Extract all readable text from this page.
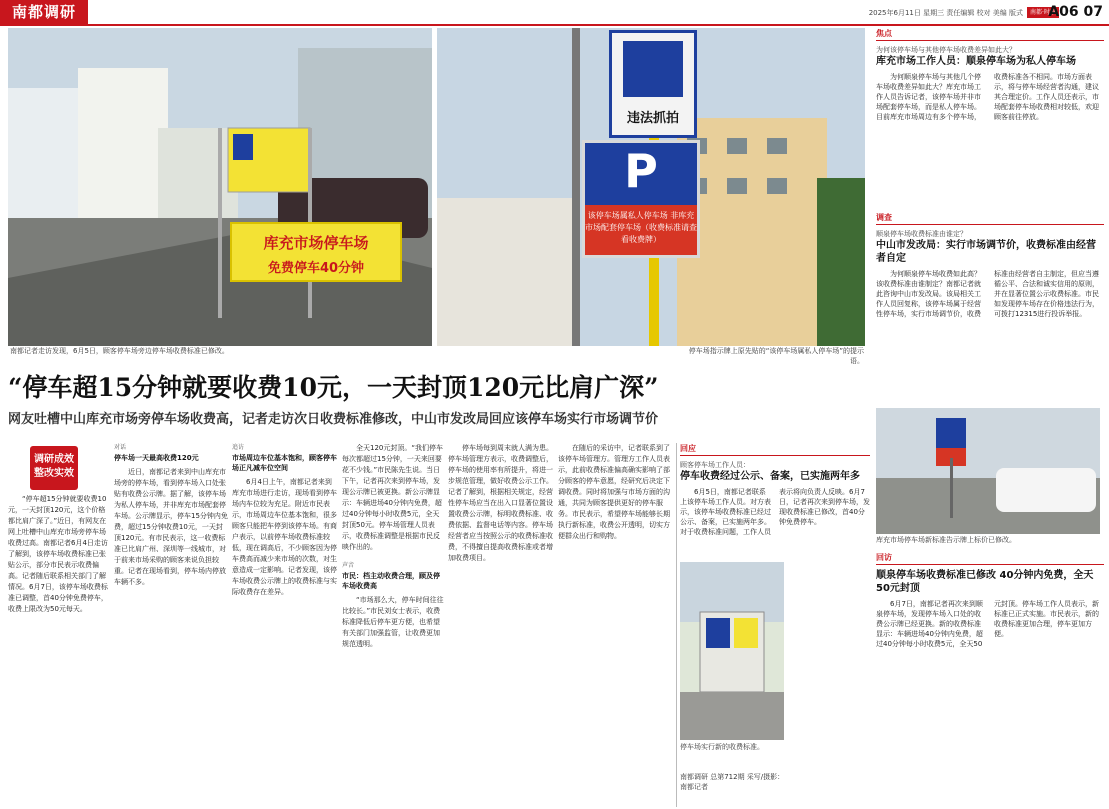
南都调研	2025年6月11日 星期三 责任编辑 校对 美编 版式	南都·时事
A06 07
库充市场停车场
免费停车40分钟
违法抓拍
P
该停车场属私人停车场 非库充市场配套停车场（收费标准请查看收费牌）
南都记者走访发现，6月5日，顾客停车场旁边停车场收费标准已修改。	停车场指示牌上原先贴的“该停车场属私人停车场”的提示语。
“停车超15分钟就要收费10元，一天封顶120元比肩广深”
网友吐槽中山库充市场旁停车场收费高，记者走访次日收费标准修改，中山市发改局回应该停车场实行市场调节价
调研成效 整改实效

“停车超15分钟就要收费10元，一天封顶120元，这个价格都比肩广深了。”近日，有网友在网上吐槽中山库充市场旁停车场收费过高。南都记者6月4日走访了解到，该停车场收费标准已张贴公示，部分市民表示收费偏高。记者随后联系相关部门了解情况。6月7日，该停车场收费标准已调整，首40分钟免费停车，收费上限改为50元每天。

对话
停车场一天最高收费120元

近日，南都记者来到中山库充市场旁的停车场，看到停车场入口处张贴有收费公示牌。据了解，该停车场为私人停车场，并非库充市场配套停车场。公示牌显示，停车15分钟内免费，超过15分钟收费10元，一天封顶120元。有市民表示，这一收费标准已比肩广州、深圳等一线城市，对于前来市场采购的顾客来说负担较重。记者在现场看到，停车场内停放车辆不多。

追访
市场周边车位基本饱和，顾客停车场正凡减车位空间

6月4日上午，南都记者来到库充市场进行走访，现场看到停车场内车位较为充足。附近市民表示，市场周边车位基本饱和，很多顾客只能把车停到该停车场。有商户表示，以前停车场收费标准较低，现在调高后，不少顾客因为停车费高而减少来市场的次数，对生意造成一定影响。记者发现，该停车场收费公示牌上的收费标准与实际收费存在差异。

全天120元封顶。“我们停车每次都超过15分钟，一天来回要花不少钱。”市民陈先生说。当日下午，记者再次来到停车场，发现公示牌已被更换。新公示牌显示：车辆进场40分钟内免费，超过40分钟每小时收费5元，全天封顶50元。停车场管理人员表示，收费标准调整是根据市民反映作出的。

声音
市民：档主动收费合理，顾及停车场收费高

“市场那么大，停车时间往往比较长。”市民刘女士表示，收费标准降低后停车更方便，也希望有关部门加强监管，让收费更加规范透明。

停车场每到周末就人满为患。停车场管理方表示，收费调整后，停车场的使用率有所提升，将进一步规范管理，做好收费公示工作。记者了解到，根据相关规定，经营性停车场应当在出入口显著位置设置收费公示牌，标明收费标准、收费依据、监督电话等内容。停车场经营者应当按照公示的收费标准收费，不得擅自提高收费标准或者增加收费项目。

在随后的采访中，记者联系到了该停车场管理方。管理方工作人员表示，此前收费标准偏高确实影响了部分顾客的停车意愿，经研究后决定下调收费。同时将加强与市场方面的沟通，共同为顾客提供更好的停车服务。市民表示，希望停车场能够长期执行新标准，收费公开透明，切实方便群众出行和购物。

回应
顾客停车场工作人员：
停车收费经过公示、备案，已实施两年多

6月5日，南都记者联系上该停车场工作人员。对方表示，该停车场收费标准已经过公示、备案，已实施两年多。对于收费标准问题，工作人员表示将向负责人反映。6月7日，记者再次来到停车场，发现收费标准已修改，首40分钟免费停车。

停车场实行新的收费标准。
南都调研 总第712期 采写/摄影：南都记者
焦点
为何该停车场与其他停车场收费差异如此大？
库充市场工作人员：顺泉停车场为私人停车场

为何顺泉停车场与其他几个停车场收费差异如此大？库充市场工作人员告诉记者，该停车场并非市场配套停车场，而是私人停车场。目前库充市场周边有多个停车场，收费标准各不相同。市场方面表示，将与停车场经营者沟通，建议其合理定价。工作人员还表示，市场配套停车场收费相对较低，欢迎顾客前往停放。

调查
顺泉停车场收费标准由谁定？
中山市发改局：实行市场调节价，收费标准由经营者自定

为何顺泉停车场收费如此高？该收费标准由谁制定？南都记者就此咨询中山市发改局。该局相关工作人员回复称，该停车场属于经营性停车场，实行市场调节价，收费标准由经营者自主制定，但应当遵循公平、合法和诚实信用的原则，并在显著位置公示收费标准。市民如发现停车场存在价格违法行为，可拨打12315进行投诉举报。

库充市场停车场新标准告示牌上标价已修改。
回访
顺泉停车场收费标准已修改 40分钟内免费，全天50元封顶

6月7日，南都记者再次来到顺泉停车场，发现停车场入口处的收费公示牌已经更换。新的收费标准显示：车辆进场40分钟内免费，超过40分钟每小时收费5元，全天50元封顶。停车场工作人员表示，新标准已正式实施。市民表示，新的收费标准更加合理，停车更加方便。
